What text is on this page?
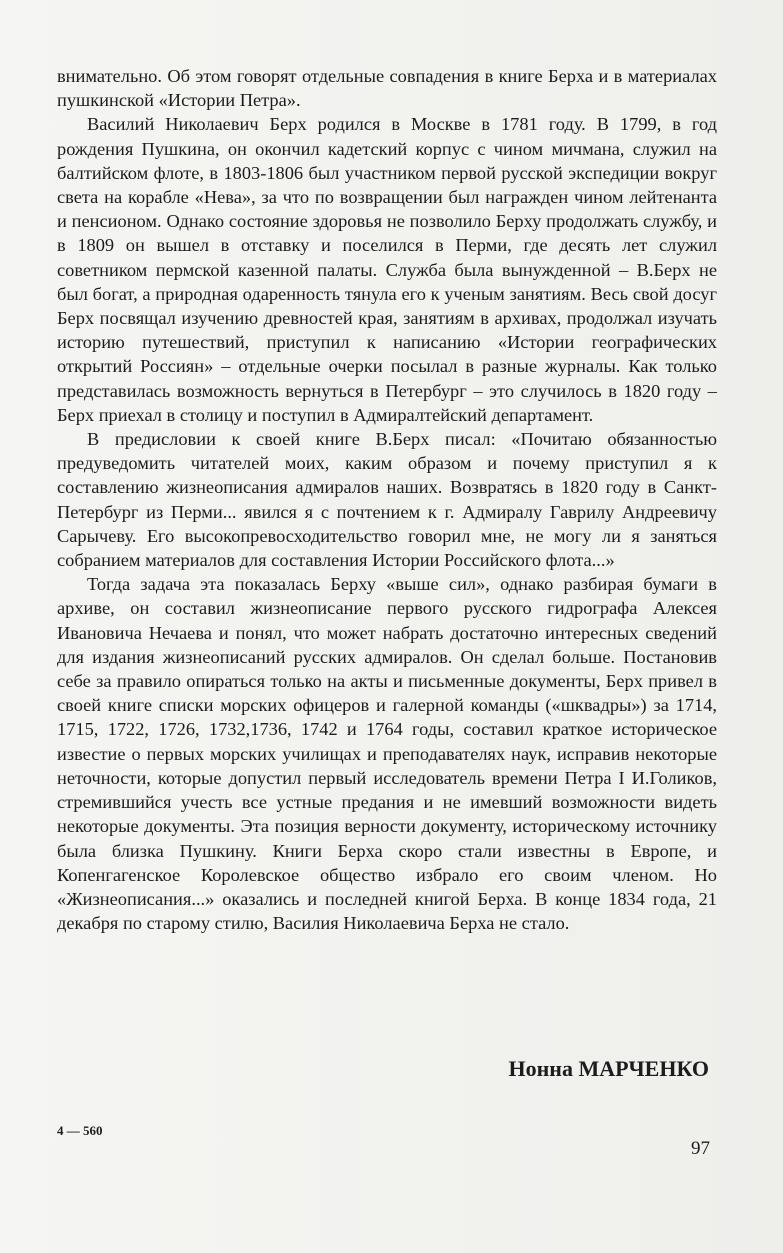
внимательно. Об этом говорят отдельные совпадения в книге Берха и в материалах пушкинской «Истории Петра».

Василий Николаевич Берх родился в Москве в 1781 году. В 1799, в год рождения Пушкина, он окончил кадетский корпус с чином мичмана, служил на балтийском флоте, в 1803-1806 был участником первой русской экспедиции вокруг света на корабле «Нева», за что по возвращении был награжден чином лейтенанта и пенсионом. Однако состояние здоровья не позволило Берху продолжать службу, и в 1809 он вышел в отставку и поселился в Перми, где десять лет служил советником пермской казенной палаты. Служба была вынужденной – В.Берх не был богат, а природная одаренность тянула его к ученым занятиям. Весь свой досуг Берх посвящал изучению древностей края, занятиям в архивах, продолжал изучать историю путешествий, приступил к написанию «Истории географических открытий Россиян» – отдельные очерки посылал в разные журналы. Как только представилась возможность вернуться в Петербург – это случилось в 1820 году – Берх приехал в столицу и поступил в Адмиралтейский департамент.

В предисловии к своей книге В.Берх писал: «Почитаю обязанностью предуведомить читателей моих, каким образом и почему приступил я к составлению жизнеописания адмиралов наших. Возвратясь в 1820 году в Санкт-Петербург из Перми... явился я с почтением к г. Адмиралу Гаврилу Андреевичу Сарычеву. Его высокопревосходительство говорил мне, не могу ли я заняться собранием материалов для составления Истории Российского флота...»

Тогда задача эта показалась Берху «выше сил», однако разбирая бумаги в архиве, он составил жизнеописание первого русского гидрографа Алексея Ивановича Нечаева и понял, что может набрать достаточно интересных сведений для издания жизнеописаний русских адмиралов. Он сделал больше. Постановив себе за правило опираться только на акты и письменные документы, Берх привел в своей книге списки морских офицеров и галерной команды («шквадры») за 1714, 1715, 1722, 1726, 1732,1736, 1742 и 1764 годы, составил краткое историческое известие о первых морских училищах и преподавателях наук, исправив некоторые неточности, которые допустил первый исследователь времени Петра I И.Голиков, стремившийся учесть все устные предания и не имевший возможности видеть некоторые документы. Эта позиция верности документу, историческому источнику была близка Пушкину. Книги Берха скоро стали известны в Европе, и Копенгагенское Королевское общество избрало его своим членом. Но «Жизнеописания...» оказались и последней книгой Берха. В конце 1834 года, 21 декабря по старому стилю, Василия Николаевича Берха не стало.

Нонна МАРЧЕНКО
4 — 560
97
